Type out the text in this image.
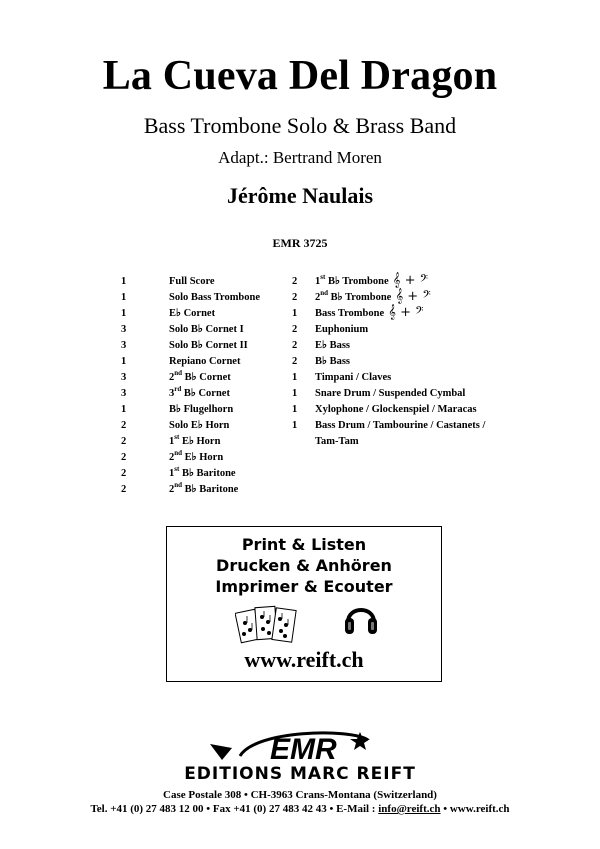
La Cueva Del Dragon
Bass Trombone Solo & Brass Band
Adapt.: Bertrand Moren
Jérôme Naulais
EMR 3725
1	Full Score
1	Solo Bass Trombone
1	E♭ Cornet
3	Solo B♭ Cornet I
3	Solo B♭ Cornet II
1	Repiano Cornet
3	2nd B♭ Cornet
3	3rd B♭ Cornet
1	B♭ Flugelhorn
2	Solo E♭ Horn
2	1st E♭ Horn
2	2nd E♭ Horn
2	1st B♭ Baritone
2	2nd B♭ Baritone
2	1st B♭ Trombone 𝄞 + 𝄢
2	2nd B♭ Trombone 𝄞 + 𝄢
1	Bass Trombone 𝄞 + 𝄢
2	Euphonium
2	E♭ Bass
2	B♭ Bass
1	Timpani / Claves
1	Snare Drum / Suspended Cymbal
1	Xylophone / Glockenspiel / Maracas
1	Bass Drum / Tambourine / Castanets /
Tam-Tam
Print & Listen
Drucken & Anhören
Imprimer & Ecouter
www.reift.ch
EMR
EDITIONS MARC REIFT
Case Postale 308 • CH-3963 Crans-Montana (Switzerland)
Tel. +41 (0) 27 483 12 00 • Fax +41 (0) 27 483 42 43 • E-Mail : info@reift.ch • www.reift.ch
